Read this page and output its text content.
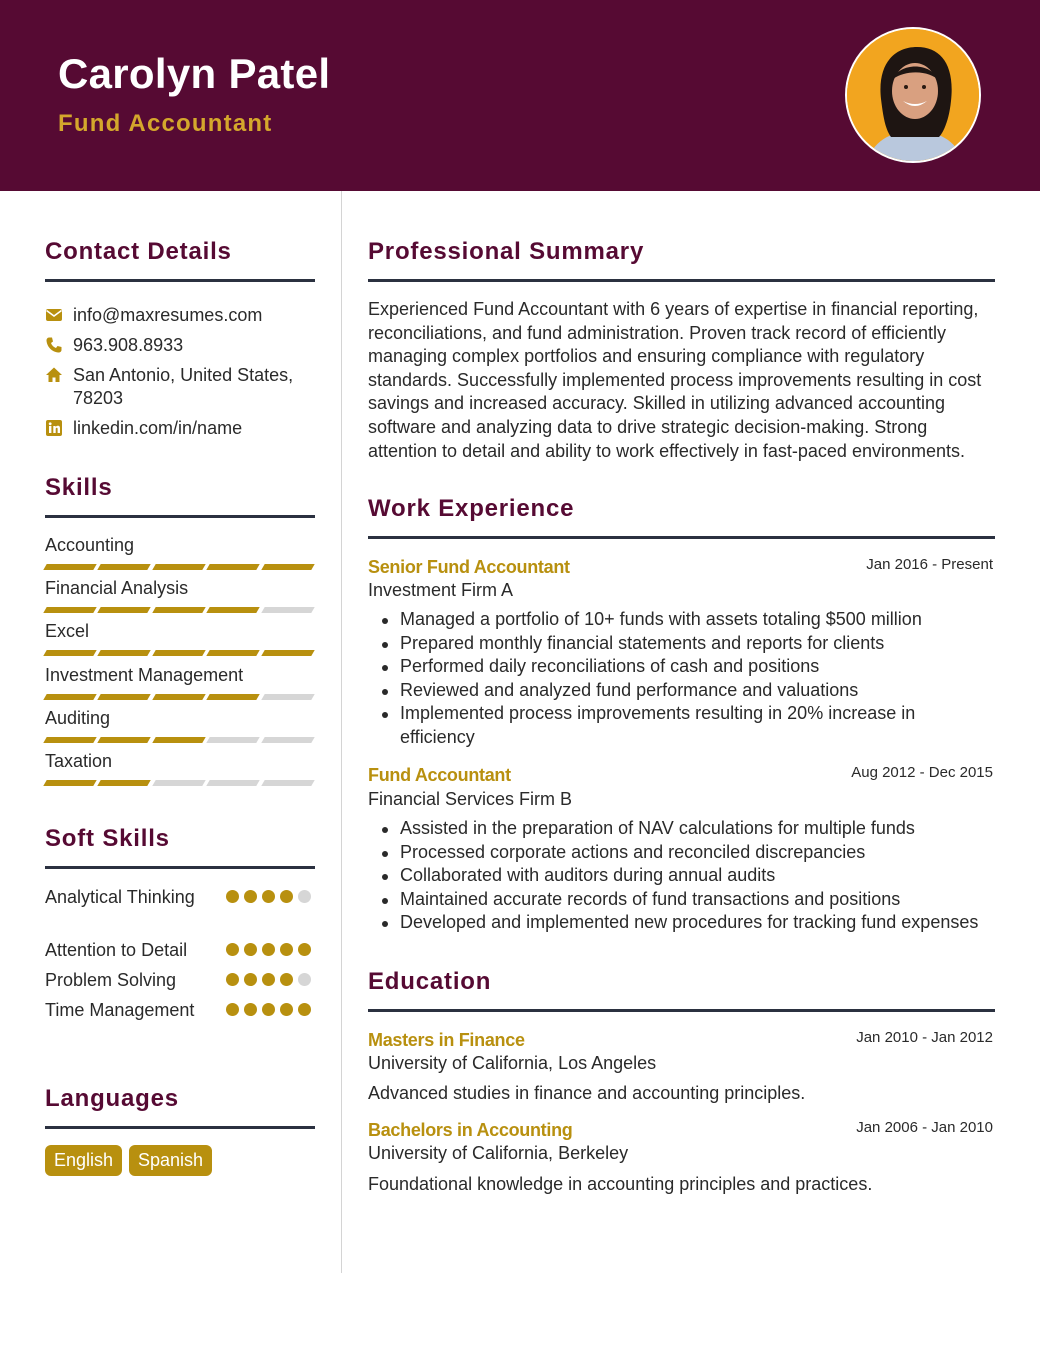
Carolyn Patel
Fund Accountant
Contact Details
info@maxresumes.com
963.908.8933
San Antonio, United States, 78203
linkedin.com/in/name
Skills
Accounting
Financial Analysis
Excel
Investment Management
Auditing
Taxation
Soft Skills
Analytical Thinking
Attention to Detail
Problem Solving
Time Management
Languages
English	Spanish
Professional Summary
Experienced Fund Accountant with 6 years of expertise in financial reporting, reconciliations, and fund administration. Proven track record of efficiently managing complex portfolios and ensuring compliance with regulatory standards. Successfully implemented process improvements resulting in cost savings and increased accuracy. Skilled in utilizing advanced accounting software and analyzing data to drive strategic decision-making. Strong attention to detail and ability to work effectively in fast-paced environments.
Work Experience
Senior Fund Accountant	Jan 2016 - Present
Investment Firm A
Managed a portfolio of 10+ funds with assets totaling $500 million
Prepared monthly financial statements and reports for clients
Performed daily reconciliations of cash and positions
Reviewed and analyzed fund performance and valuations
Implemented process improvements resulting in 20% increase in efficiency
Fund Accountant	Aug 2012 - Dec 2015
Financial Services Firm B
Assisted in the preparation of NAV calculations for multiple funds
Processed corporate actions and reconciled discrepancies
Collaborated with auditors during annual audits
Maintained accurate records of fund transactions and positions
Developed and implemented new procedures for tracking fund expenses
Education
Masters in Finance	Jan 2010 - Jan 2012
University of California, Los Angeles
Advanced studies in finance and accounting principles.
Bachelors in Accounting	Jan 2006 - Jan 2010
University of California, Berkeley
Foundational knowledge in accounting principles and practices.
